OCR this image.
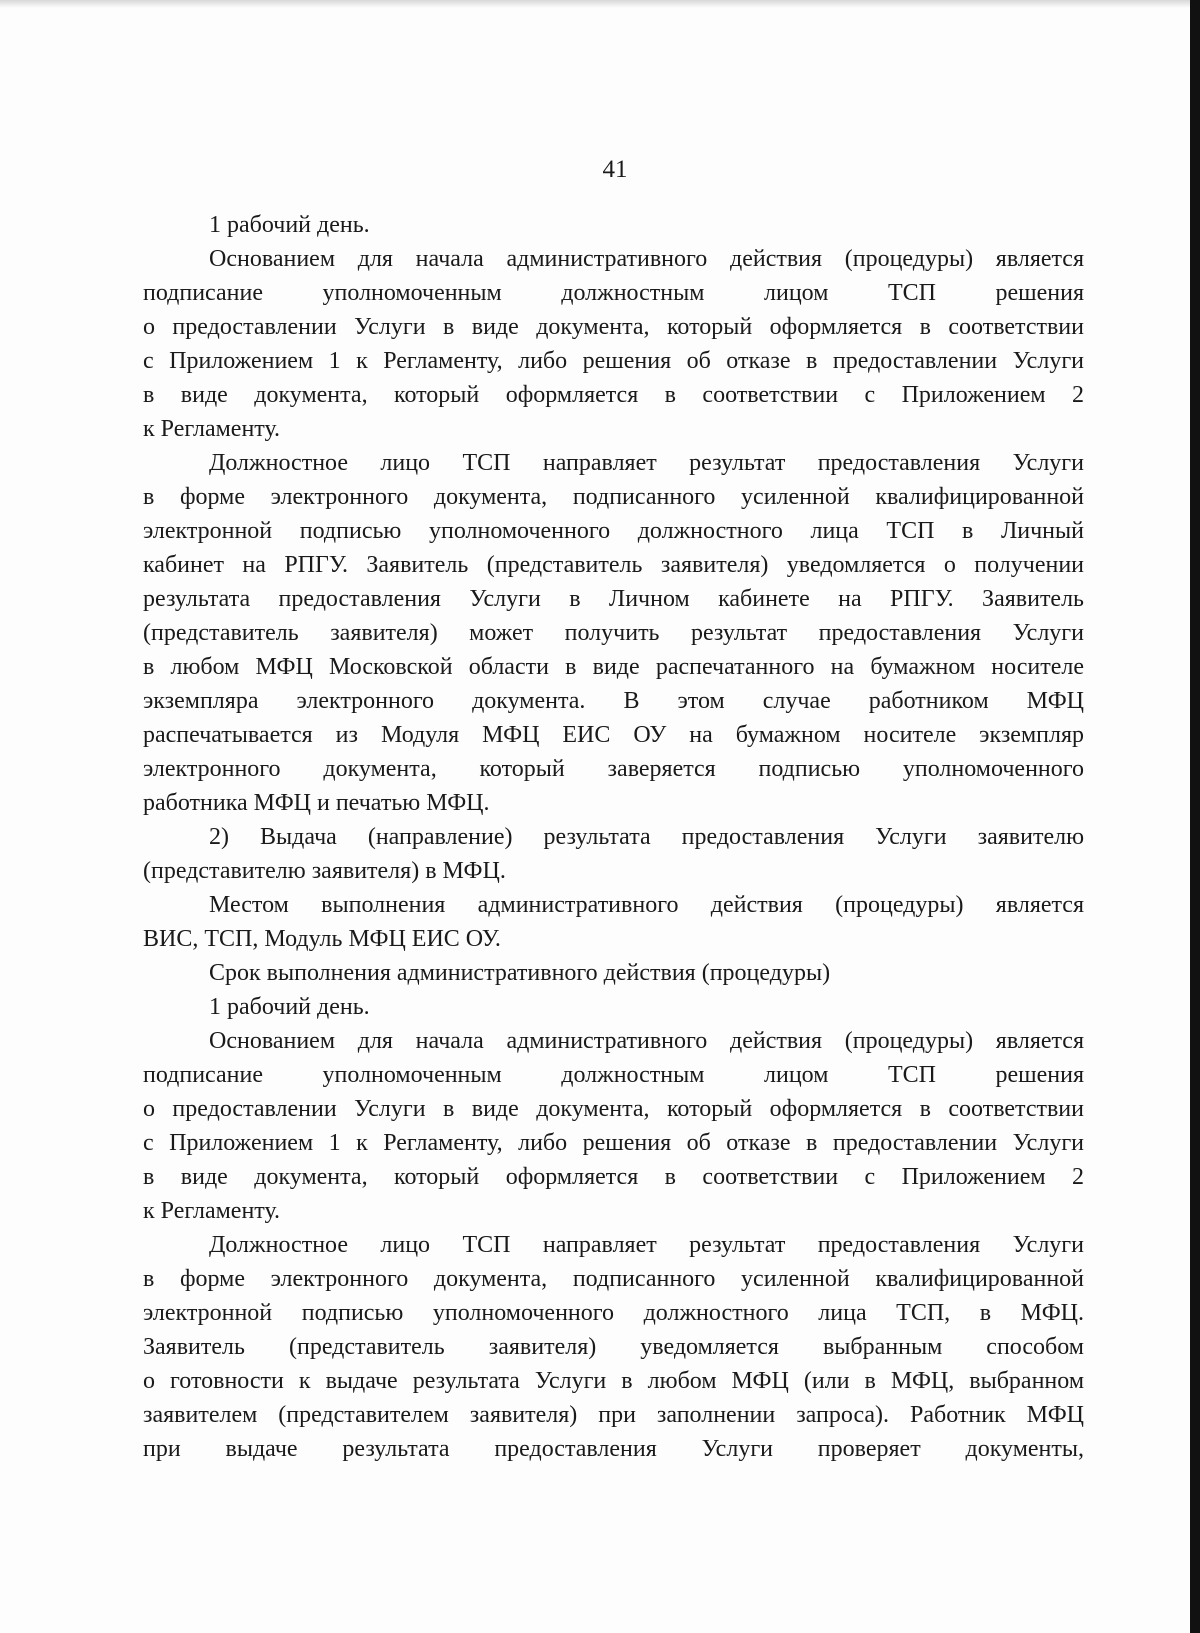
41
1 рабочий день.
Основанием для начала административного действия (процедуры) является
подписание уполномоченным должностным лицом ТСП решения
о предоставлении Услуги в виде документа, который оформляется в соответствии
с Приложением 1 к Регламенту, либо решения об отказе в предоставлении Услуги
в виде документа, который оформляется в соответствии с Приложением 2
к Регламенту.
Должностное лицо ТСП направляет результат предоставления Услуги
в форме электронного документа, подписанного усиленной квалифицированной
электронной подписью уполномоченного должностного лица ТСП в Личный
кабинет на РПГУ. Заявитель (представитель заявителя) уведомляется о получении
результата предоставления Услуги в Личном кабинете на РПГУ. Заявитель
(представитель заявителя) может получить результат предоставления Услуги
в любом МФЦ Московской области в виде распечатанного на бумажном носителе
экземпляра электронного документа. В этом случае работником МФЦ
распечатывается из Модуля МФЦ ЕИС ОУ на бумажном носителе экземпляр
электронного документа, который заверяется подписью уполномоченного
работника МФЦ и печатью МФЦ.
2) Выдача (направление) результата предоставления Услуги заявителю
(представителю заявителя) в МФЦ.
Местом выполнения административного действия (процедуры) является
ВИС, ТСП, Модуль МФЦ ЕИС ОУ.
Срок выполнения административного действия (процедуры)
1 рабочий день.
Основанием для начала административного действия (процедуры) является
подписание уполномоченным должностным лицом ТСП решения
о предоставлении Услуги в виде документа, который оформляется в соответствии
с Приложением 1 к Регламенту, либо решения об отказе в предоставлении Услуги
в виде документа, который оформляется в соответствии с Приложением 2
к Регламенту.
Должностное лицо ТСП направляет результат предоставления Услуги
в форме электронного документа, подписанного усиленной квалифицированной
электронной подписью уполномоченного должностного лица ТСП, в МФЦ.
Заявитель (представитель заявителя) уведомляется выбранным способом
о готовности к выдаче результата Услуги в любом МФЦ (или в МФЦ, выбранном
заявителем (представителем заявителя) при заполнении запроса). Работник МФЦ
при выдаче результата предоставления Услуги проверяет документы,
